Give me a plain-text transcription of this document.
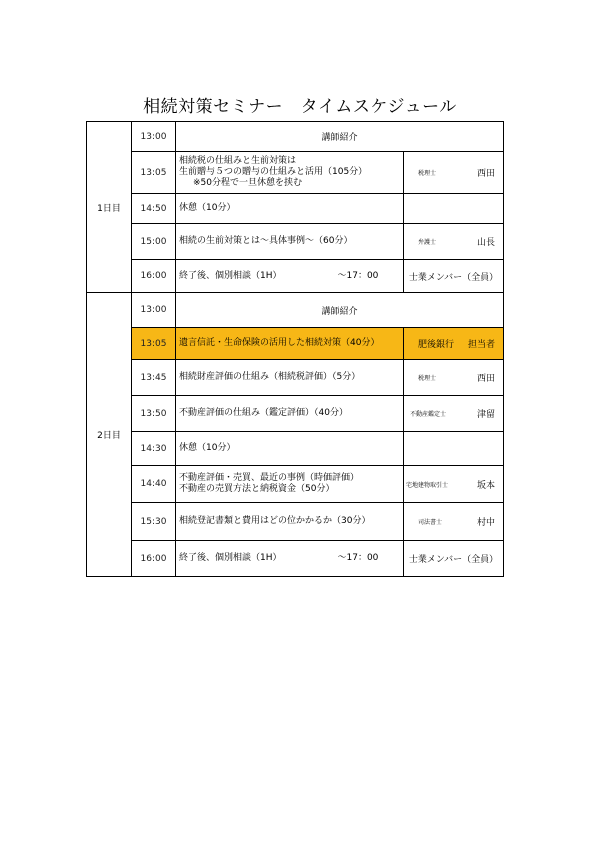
相続対策セミナー　タイムスケジュール
1日目	13:00	講師紹介	
	13:05	相続税の仕組みと生前対策は
生前贈与５つの贈与の仕組みと活用（105分）
※50分程で一旦休憩を挟む	税理士 西田

	14:50	休憩（10分）	

	15:00	相続の生前対策とは～具体事例～（60分）	弁護士 山長

	16:00	終了後、個別相談（1H） ～17：00	士業メンバー（全員）

2日目	13:00	講師紹介	
	13:05	遺言信託・生命保険の活用した相続対策（40分）	肥後銀行 担当者

	13:45	相続財産評価の仕組み（相続税評価）（5分）	税理士 西田

	13:50	不動産評価の仕組み（鑑定評価）（40分）	不動産鑑定士 津留

	14:30	休憩（10分）	

	14:40	不動産評価・売買、最近の事例（時価評価）
不動産の売買方法と納税資金（50分）	宅地建物取引士 坂本

	15:30	相続登記書類と費用はどの位かかるか（30分）	司法書士 村中

	16:00	終了後、個別相談（1H） ～17：00	士業メンバー（全員）
